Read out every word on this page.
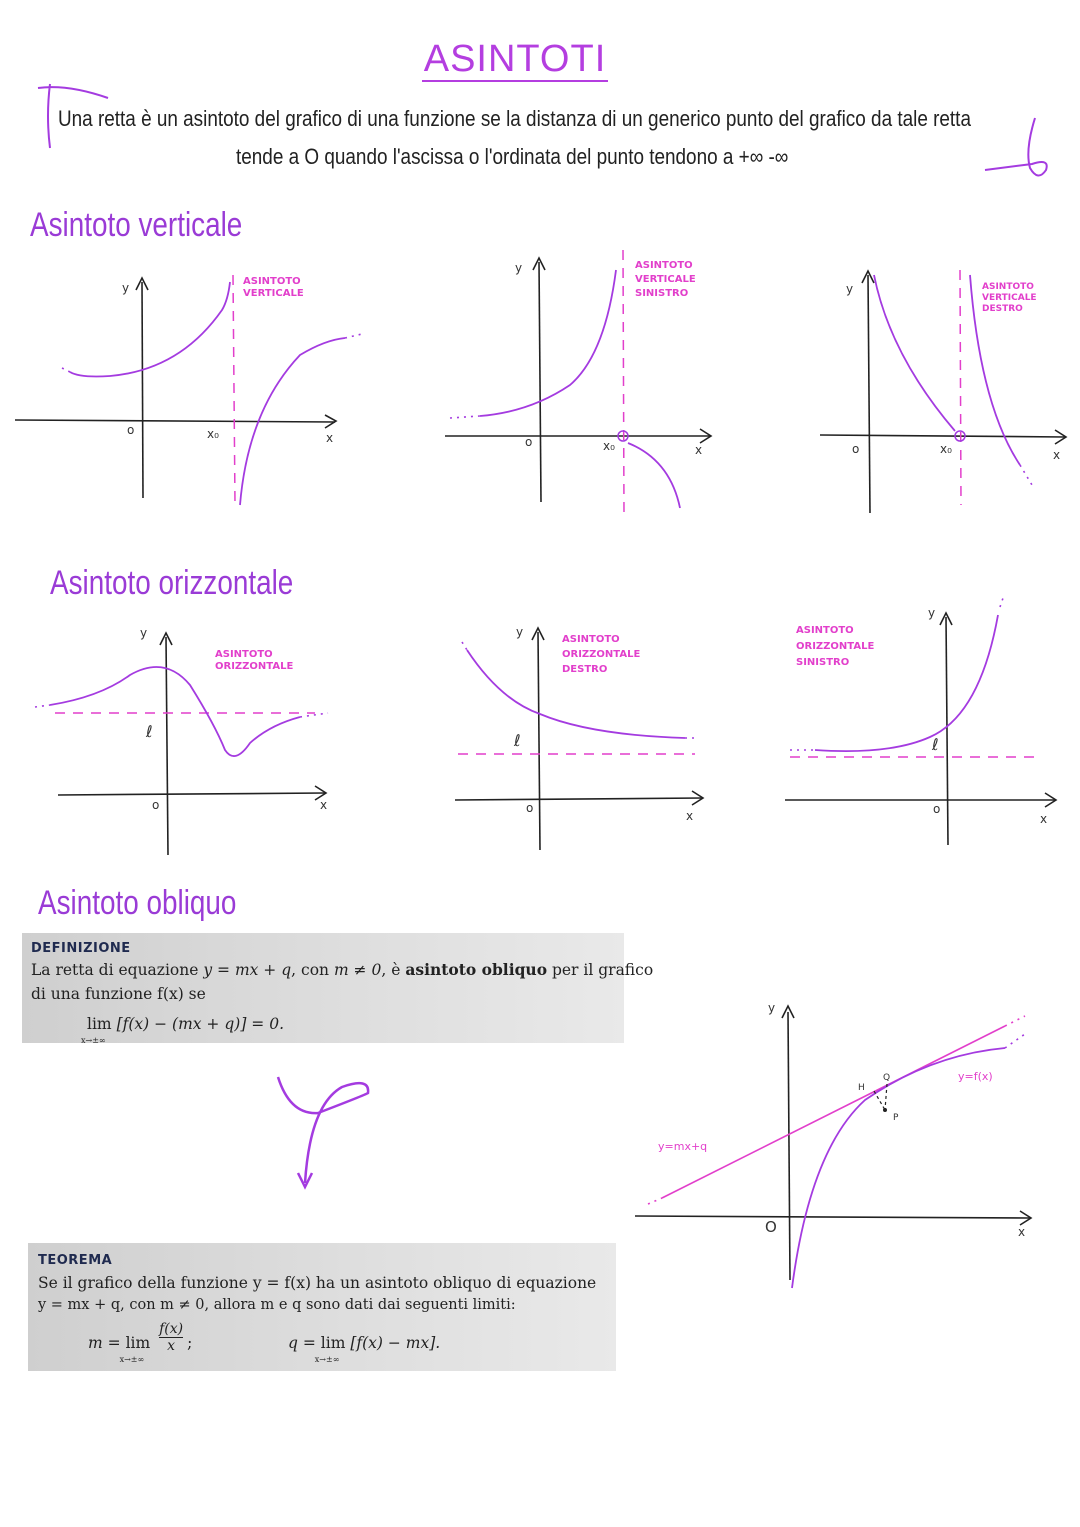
ASINTOTI
Una retta è un asintoto del grafico di una funzione se la distanza di un generico punto del grafico da tale retta
tende a O quando l'ascissa o l'ordinata del punto tendono a +∞ -∞
Asintoto verticale
y
x
o	x₀
ASINTOTO
VERTICALE
y
x
o	x₀
ASINTOTO
VERTICALE
SINISTRO	y
x
o	x₀
ASINTOTO
VERTICALE
DESTRO
Asintoto orizzontale
y
x
o
ℓ
ASINTOTO
ORIZZONTALE
y
x
o
ℓ
ASINTOTO
ORIZZONTALE
DESTRO
y
x
o
ℓ
ASINTOTO
ORIZZONTALE
SINISTRO
Asintoto obliquo
DEFINIZIONE
La retta di equazione y = mx + q, con m ≠ 0, è asintoto obliquo per il grafico
di una funzione f(x) se
lim
x→±∞
[f(x) − (mx + q)] = 0.
TEOREMA
Se il grafico della funzione y = f(x) ha un asintoto obliquo di equazione
y = mx + q, con m ≠ 0, allora m e q sono dati dai seguenti limiti:
m = lim
x→±∞

$\frac{f(x)}{x}$ ;	q = lim
x→±∞
[f(x) − mx].
y
x
O
y=mx+q
y=f(x)
H
Q
P
